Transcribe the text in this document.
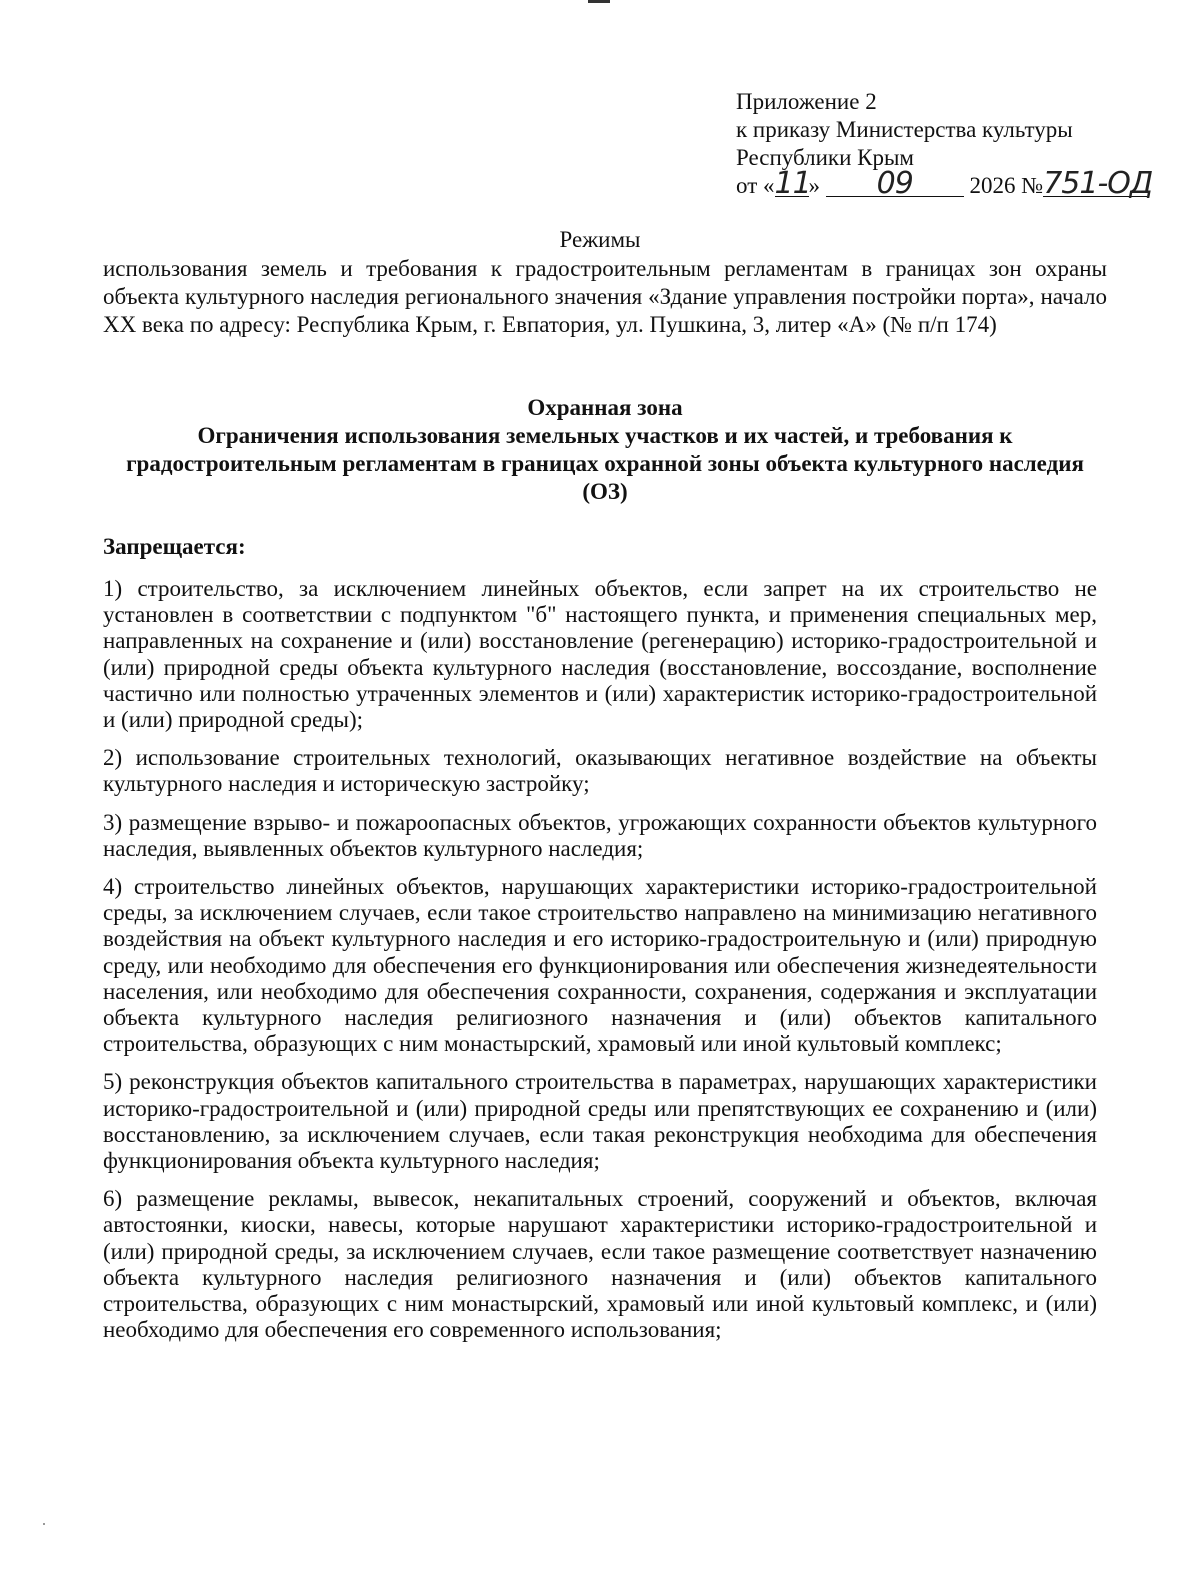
Приложение 2
к приказу Министерства культуры
Республики Крым
от «11» 09 2026 №751-ОД
Режимы
использования земель и требования к градостроительным регламентам в границах зон охраны объекта культурного наследия регионального значения «Здание управления постройки порта», начало XX века по адресу: Республика Крым, г. Евпатория, ул. Пушкина, 3, литер «А» (№ п/п 174)
Охранная зона
Ограничения использования земельных участков и их частей, и требования к градостроительным регламентам в границах охранной зоны объекта культурного наследия (ОЗ)
Запрещается:

1) строительство, за исключением линейных объектов, если запрет на их строительство не установлен в соответствии с подпунктом "б" настоящего пункта, и применения специальных мер, направленных на сохранение и (или) восстановление (регенерацию) историко-градостроительной и (или) природной среды объекта культурного наследия (восстановление, воссоздание, восполнение частично или полностью утраченных элементов и (или) характеристик историко-градостроительной и (или) природной среды);

2) использование строительных технологий, оказывающих негативное воздействие на объекты культурного наследия и историческую застройку;

3) размещение взрыво- и пожароопасных объектов, угрожающих сохранности объектов культурного наследия, выявленных объектов культурного наследия;

4) строительство линейных объектов, нарушающих характеристики историко-градостроительной среды, за исключением случаев, если такое строительство направлено на минимизацию негативного воздействия на объект культурного наследия и его историко-градостроительную и (или) природную среду, или необходимо для обеспечения его функционирования или обеспечения жизнедеятельности населения, или необходимо для обеспечения сохранности, сохранения, содержания и эксплуатации объекта культурного наследия религиозного назначения и (или) объектов капитального строительства, образующих с ним монастырский, храмовый или иной культовый комплекс;

5) реконструкция объектов капитального строительства в параметрах, нарушающих характеристики историко-градостроительной и (или) природной среды или препятствующих ее сохранению и (или) восстановлению, за исключением случаев, если такая реконструкция необходима для обеспечения функционирования объекта культурного наследия;

6) размещение рекламы, вывесок, некапитальных строений, сооружений и объектов, включая автостоянки, киоски, навесы, которые нарушают характеристики историко-градостроительной и (или) природной среды, за исключением случаев, если такое размещение соответствует назначению объекта культурного наследия религиозного назначения и (или) объектов капитального строительства, образующих с ним монастырский, храмовый или иной культовый комплекс, и (или) необходимо для обеспечения его современного использования;
